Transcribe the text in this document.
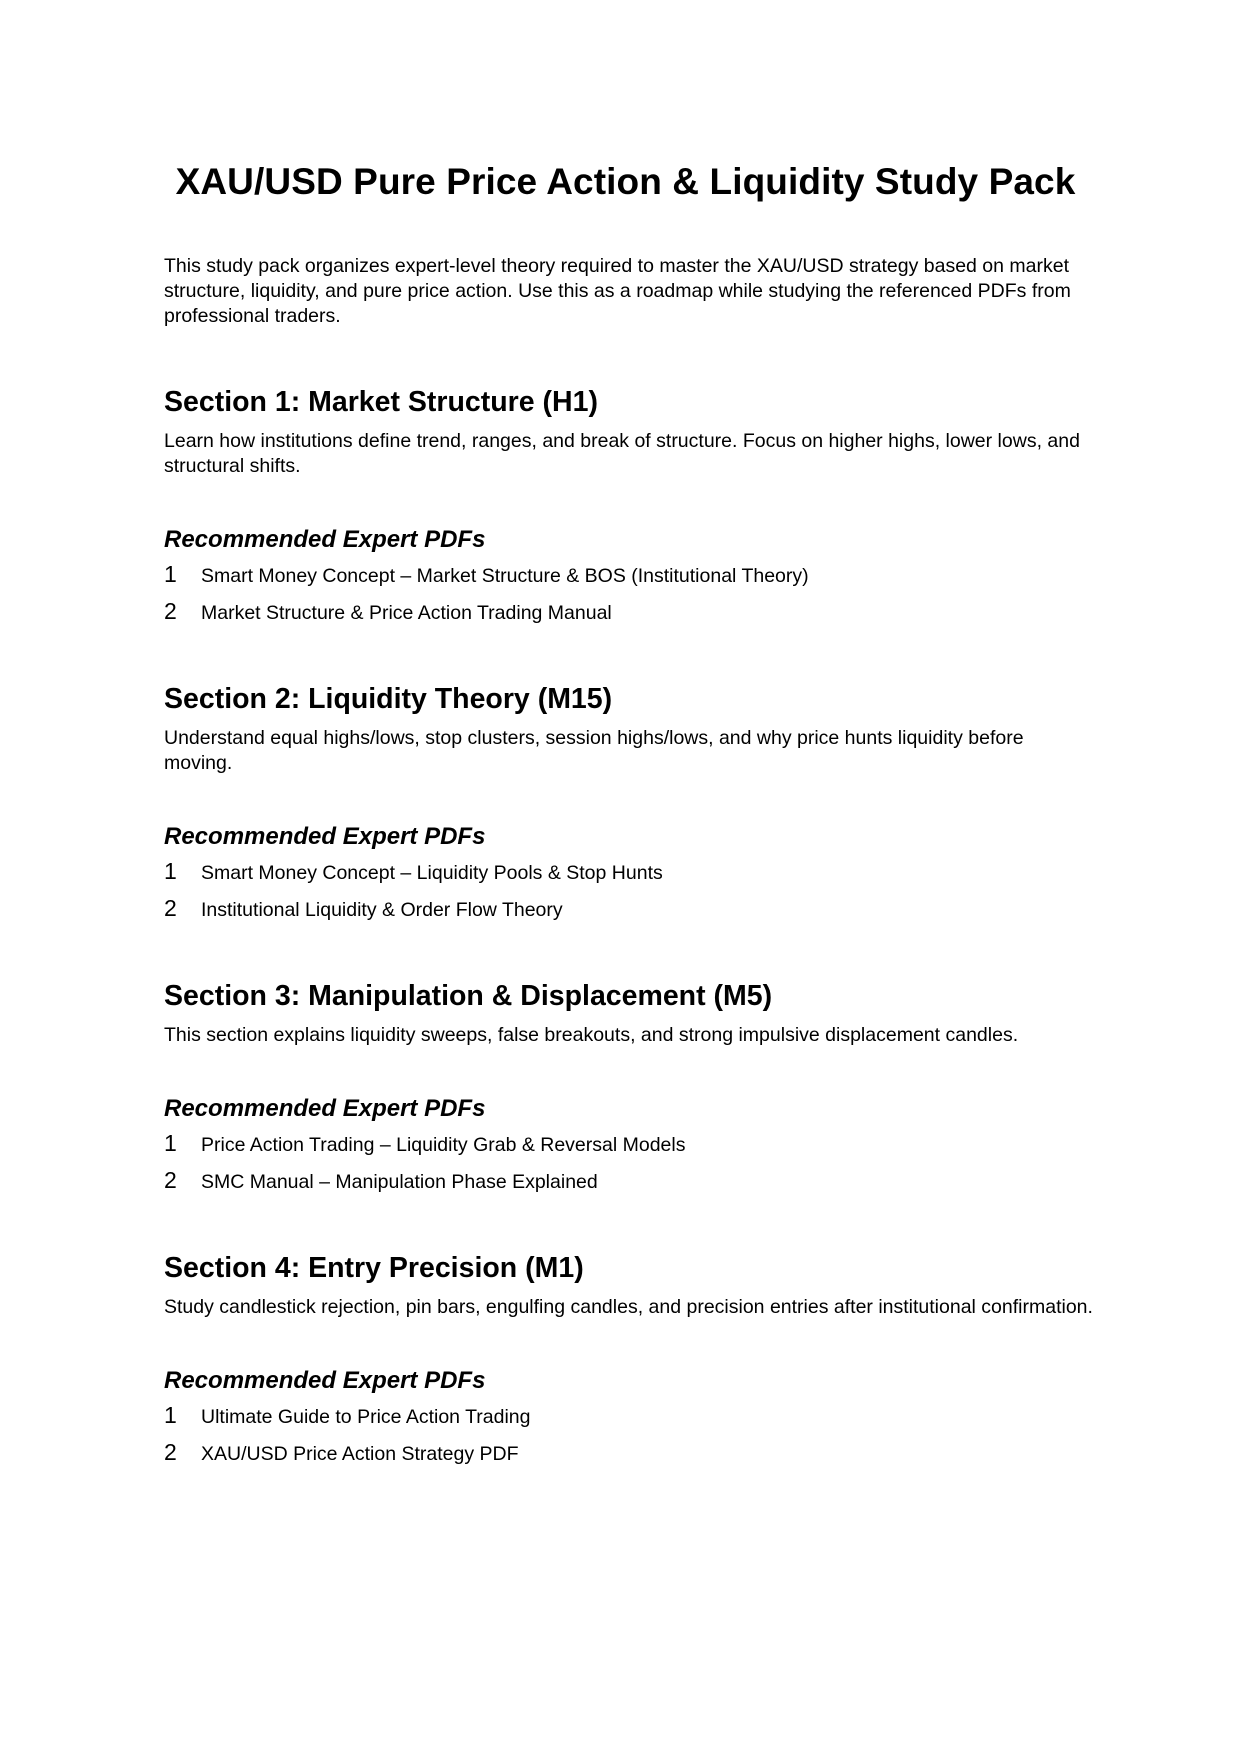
XAU/USD Pure Price Action & Liquidity Study Pack

This study pack organizes expert-level theory required to master the XAU/USD strategy based on market structure, liquidity, and pure price action. Use this as a roadmap while studying the referenced PDFs from professional traders.

Section 1: Market Structure (H1)

Learn how institutions define trend, ranges, and break of structure. Focus on higher highs, lower lows, and structural shifts.

Recommended Expert PDFs
1	Smart Money Concept – Market Structure & BOS (Institutional Theory)
2	Market Structure & Price Action Trading Manual
Section 2: Liquidity Theory (M15)

Understand equal highs/lows, stop clusters, session highs/lows, and why price hunts liquidity before moving.

Recommended Expert PDFs
1	Smart Money Concept – Liquidity Pools & Stop Hunts
2	Institutional Liquidity & Order Flow Theory
Section 3: Manipulation & Displacement (M5)

This section explains liquidity sweeps, false breakouts, and strong impulsive displacement candles.

Recommended Expert PDFs
1	Price Action Trading – Liquidity Grab & Reversal Models
2	SMC Manual – Manipulation Phase Explained
Section 4: Entry Precision (M1)

Study candlestick rejection, pin bars, engulfing candles, and precision entries after institutional confirmation.

Recommended Expert PDFs
1	Ultimate Guide to Price Action Trading
2	XAU/USD Price Action Strategy PDF
